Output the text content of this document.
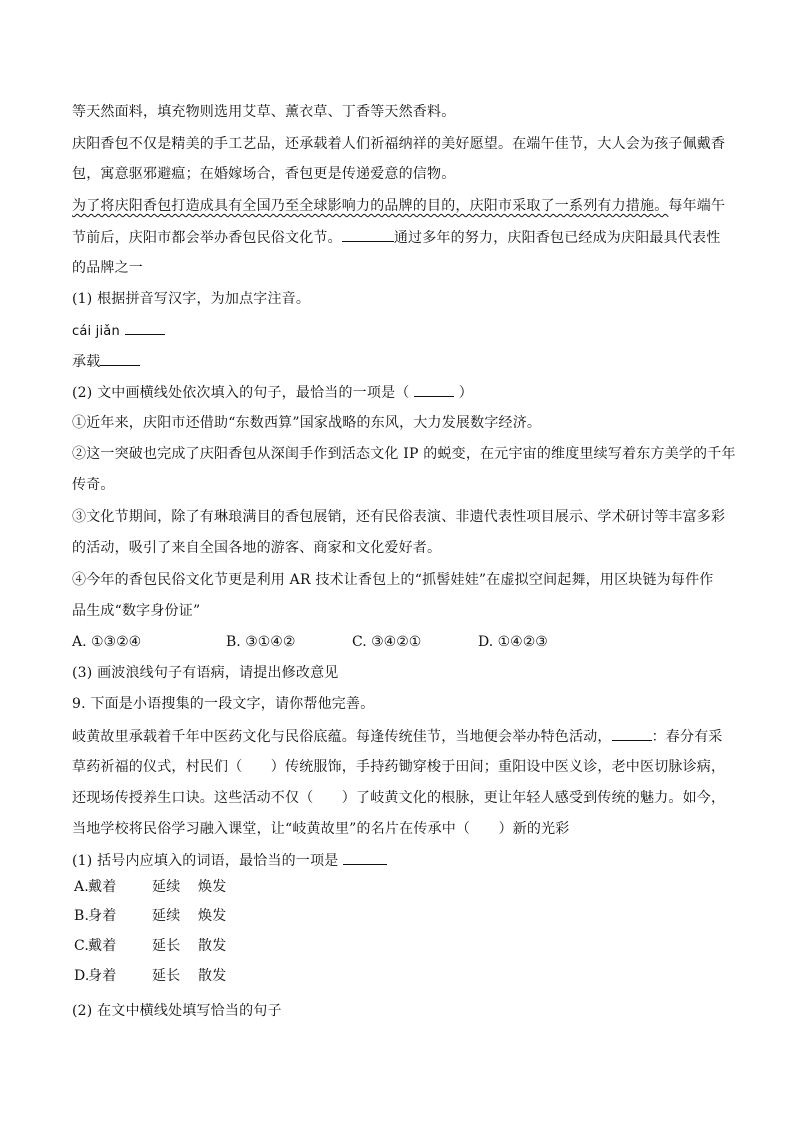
等天然面料，填充物则选用艾草、薰衣草、丁香等天然香料。
庆阳香包不仅是精美的手工艺品，还承载着人们祈福纳祥的美好愿望。在端午佳节，大人会为孩子佩戴香
包，寓意驱邪避瘟；在婚嫁场合，香包更是传递爱意的信物。
为了将庆阳香包打造成具有全国乃至全球影响力的品牌的目的，庆阳市采取了一系列有力措施。每年端午
节前后，庆阳市都会举办香包民俗文化节。	通过多年的努力，庆阳香包已经成为庆阳最具代表性
的品牌之一
(1) 根据拼音写汉字，为加点字注音。
cái jiǎn
承载
(2) 文中画横线处依次填入的句子，最恰当的一项是（	）
①近年来，庆阳市还借助“东数西算”国家战略的东风，大力发展数字经济。
②这一突破也完成了庆阳香包从深闺手作到活态文化 IP 的蜕变，在元宇宙的维度里续写着东方美学的千年
传奇。
③文化节期间，除了有琳琅满目的香包展销，还有民俗表演、非遗代表性项目展示、学术研讨等丰富多彩
的活动，吸引了来自全国各地的游客、商家和文化爱好者。
④今年的香包民俗文化节更是利用 AR 技术让香包上的“抓髻娃娃”在虚拟空间起舞，用区块链为每件作
品生成“数字身份证”
A. ①③②④	B. ③①④②	C. ③④②①	D. ①④②③
(3) 画波浪线句子有语病，请提出修改意见
9. 下面是小语搜集的一段文字，请你帮他完善。
岐黄故里承载着千年中医药文化与民俗底蕴。每逢传统佳节，当地便会举办特色活动，	：春分有采
草药祈福的仪式，村民们（　　）传统服饰，手持药锄穿梭于田间；重阳设中医义诊，老中医切脉诊病，
还现场传授养生口诀。这些活动不仅（　　）了岐黄文化的根脉，更让年轻人感受到传统的魅力。如今，
当地学校将民俗学习融入课堂，让“岐黄故里”的名片在传承中（　　）新的光彩
(1) 括号内应填入的词语，最恰当的一项是
A.戴着	延续 焕发
B.身着	延续 焕发
C.戴着	延长 散发
D.身着	延长 散发
(2) 在文中横线处填写恰当的句子
